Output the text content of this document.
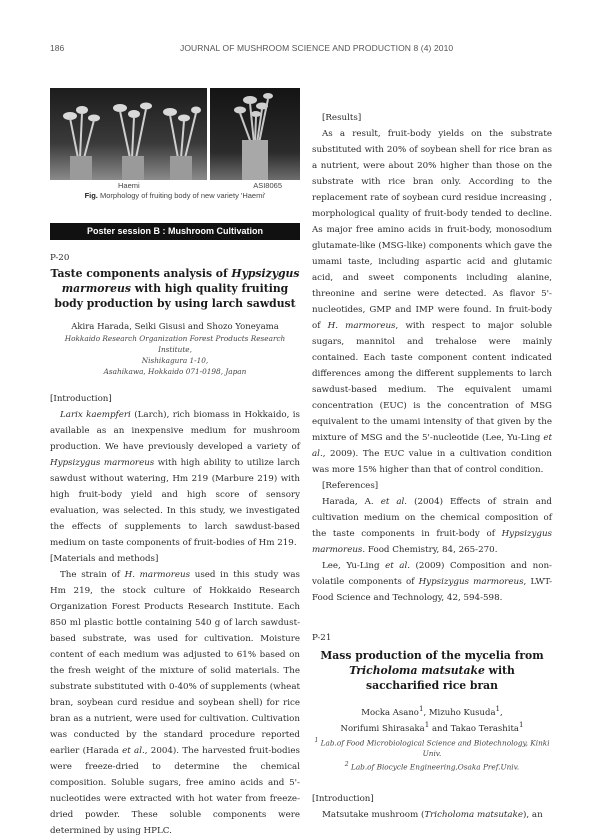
186	JOURNAL OF MUSHROOM SCIENCE AND PRODUCTION 8 (4) 2010
Haemi	ASI8065
Fig. Morphology of fruiting body of new variety 'Haemi'
Poster session B : Mushroom Cultivation
P-20
Taste components analysis of Hypsizygus marmoreus with high quality fruiting body production by using larch sawdust
Akira Harada, Seiki Gisusi and Shozo Yoneyama
Hokkaido Research Organization Forest Products Research Institute,
Nishikagura 1-10,
Asahikawa, Hokkaido 071-0198, Japan

[Introduction]

Larix kaempferi (Larch), rich biomass in Hokkaido, is available as an inexpensive medium for mushroom production. We have previously developed a variety of Hypsizygus marmoreus with high ability to utilize larch sawdust without watering, Hm 219 (Marbure 219) with high fruit-body yield and high score of sensory evaluation, was selected. In this study, we investigated the effects of supplements to larch sawdust-based medium on taste components of fruit-bodies of Hm 219.

[Materials and methods]

The strain of H. marmoreus used in this study was Hm 219, the stock culture of Hokkaido Research Organization Forest Products Research Institute. Each 850 ml plastic bottle containing 540 g of larch sawdust-based substrate, was used for cultivation. Moisture content of each medium was adjusted to 61% based on the fresh weight of the mixture of solid materials. The substrate substituted with 0-40% of supplements (wheat bran, soybean curd residue and soybean shell) for rice bran as a nutrient, were used for cultivation. Cultivation was conducted by the standard procedure reported earlier (Harada et al., 2004). The harvested fruit-bodies were freeze-dried to determine the chemical composition. Soluble sugars, free amino acids and 5'-nucleotides were extracted with hot water from freeze-dried powder. These soluble components were determined by using HPLC.

[Results]

As a result, fruit-body yields on the substrate substituted with 20% of soybean shell for rice bran as a nutrient, were about 20% higher than those on the substrate with rice bran only. According to the replacement rate of soybean curd residue increasing , morphological quality of fruit-body tended to decline. As major free amino acids in fruit-body, monosodium glutamate-like (MSG-like) components which gave the umami taste, including aspartic acid and glutamic acid, and sweet components including alanine, threonine and serine were detected. As flavor 5'-nucleotides, GMP and IMP were found. In fruit-body of H. marmoreus, with respect to major soluble sugars, mannitol and trehalose were mainly contained. Each taste component content indicated differences among the different supplements to larch sawdust-based medium. The equivalent umami concentration (EUC) is the concentration of MSG equivalent to the umami intensity of that given by the mixture of MSG and the 5'-nucleotide (Lee, Yu-Ling et al., 2009). The EUC value in a cultivation condition was more 15% higher than that of control condition.

[References]

Harada, A. et al. (2004) Effects of strain and cultivation medium on the chemical composition of the taste components in fruit-body of Hypsizygus marmoreus. Food Chemistry, 84, 265-270.

Lee, Yu-Ling et al. (2009) Composition and non-volatile components of Hypsizygus marmoreus, LWT-Food Science and Technology, 42, 594-598.

P-21
Mass production of the mycelia from
Tricholoma matsutake with saccharified rice bran
Mocka Asano$^1$, Mizuho Kusuda$^1$,
Norifumi Shirasaka$^1$ and Takao Terashita$^1$
$^1$ Lab.of Food Microbiological Science and Biotechnology, Kinki Univ.
$^2$ Lab.of Biocycle Engineering,Osaka Pref.Univ.

[Introduction]

Matsutake mushroom (Tricholoma matsutake), an
